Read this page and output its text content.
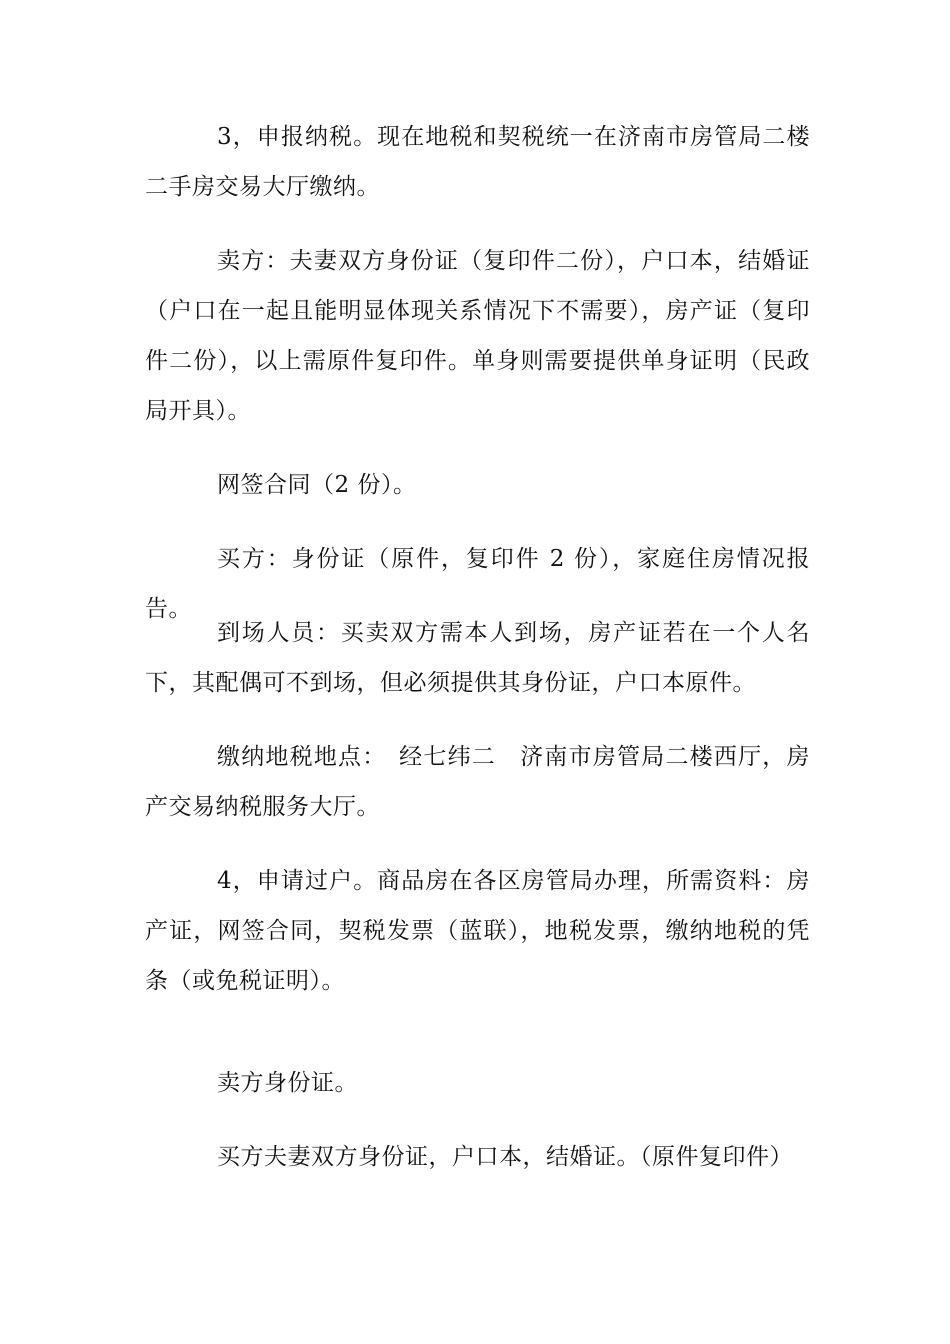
3，申报纳税。现在地税和契税统一在济南市房管局二楼二手房交易大厅缴纳。

卖方：夫妻双方身份证（复印件二份），户口本，结婚证（户口在一起且能明显体现关系情况下不需要），房产证（复印件二份），以上需原件复印件。单身则需要提供单身证明（民政局开具）。

网签合同（2 份）。

买方：身份证（原件，复印件 2 份），家庭住房情况报告。

到场人员：买卖双方需本人到场，房产证若在一个人名下，其配偶可不到场，但必须提供其身份证，户口本原件。

缴纳地税地点：　经七纬二　济南市房管局二楼西厅，房产交易纳税服务大厅。

4，申请过户。商品房在各区房管局办理，所需资料：房产证，网签合同，契税发票（蓝联），地税发票，缴纳地税的凭条（或免税证明）。

卖方身份证。

买方夫妻双方身份证，户口本，结婚证。（原件复印件）
